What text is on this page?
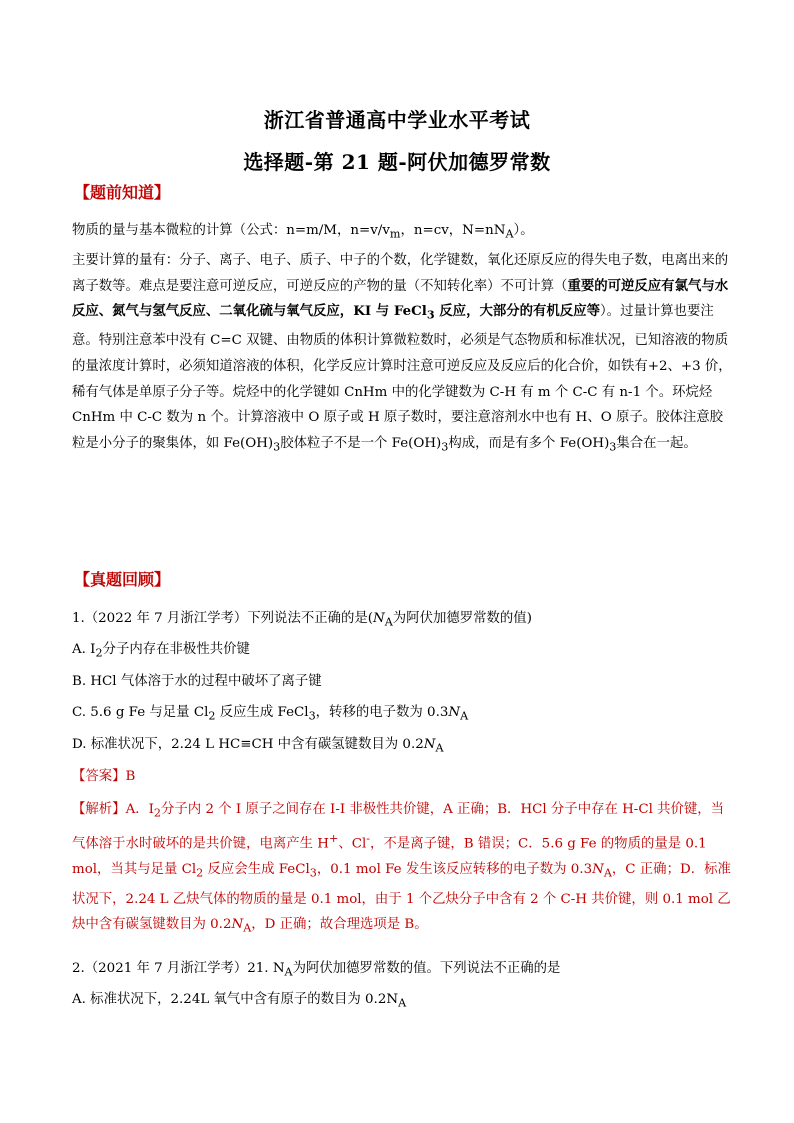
浙江省普通高中学业水平考试
选择题-第 21 题-阿伏加德罗常数
【题前知道】
物质的量与基本微粒的计算（公式：n=m/M，$n=v/v_m$，n=cv，$N=nN_A$）。
主要计算的量有：分子、离子、电子、质子、中子的个数，化学键数，氧化还原反应的得失电子数，电离出来的离子数等。难点是要注意可逆反应，可逆反应的产物的量（不知转化率）不可计算（重要的可逆反应有氯气与水反应、氮气与氢气反应、二氧化硫与氧气反应，KI 与 FeCl$_3$ 反应，大部分的有机反应等）。过量计算也要注意。特别注意苯中没有 C=C 双键、由物质的体积计算微粒数时，必须是气态物质和标准状况，已知溶液的物质的量浓度计算时，必须知道溶液的体积，化学反应计算时注意可逆反应及反应后的化合价，如铁有+2、+3 价，稀有气体是单原子分子等。烷烃中的化学键如 CnHm 中的化学键数为 C-H 有 m 个 C-C 有 n-1 个。环烷烃 CnHm 中 C-C 数为 n 个。计算溶液中 O 原子或 H 原子数时，要注意溶剂水中也有 H、O 原子。胶体注意胶粒是小分子的聚集体，如 $Fe(OH)_3$胶体粒子不是一个 $Fe(OH)_3$构成，而是有多个 $Fe(OH)_3$集合在一起。
【真题回顾】
1.（2022 年 7 月浙江学考）下列说法不正确的是($N_A$为阿伏加德罗常数的值)
A. $I_2$分子内存在非极性共价键
B. HCl 气体溶于水的过程中破坏了离子键
C. 5.6 g Fe 与足量 $Cl_2$ 反应生成 FeCl$_3$，转移的电子数为 $0.3N_A$
D. 标准状况下，2.24 L HC≡CH 中含有碳氢键数目为 $0.2N_A$
【答案】B
【解析】A．$I_2$分子内 2 个 I 原子之间存在 I-I 非极性共价键，A 正确；B．HCl 分子中存在 H-Cl 共价键，当气体溶于水时破坏的是共价键，电离产生 H+、Cl-，不是离子键，B 错误；C．5.6 g Fe 的物质的量是 0.1 mol，当其与足量 $Cl_2$ 反应会生成 FeCl$_3$，0.1 mol Fe 发生该反应转移的电子数为 $0.3N_A$，C 正确；D．标准状况下，2.24 L 乙炔气体的物质的量是 0.1 mol，由于 1 个乙炔分子中含有 2 个 C-H 共价键，则 0.1 mol 乙炔中含有碳氢键数目为 $0.2N_A$，D 正确；故合理选项是 B。
2.（2021 年 7 月浙江学考）21. $N_A$为阿伏加德罗常数的值。下列说法不正确的是
A. 标准状况下，2.24L 氧气中含有原子的数目为 $0.2N_A$
